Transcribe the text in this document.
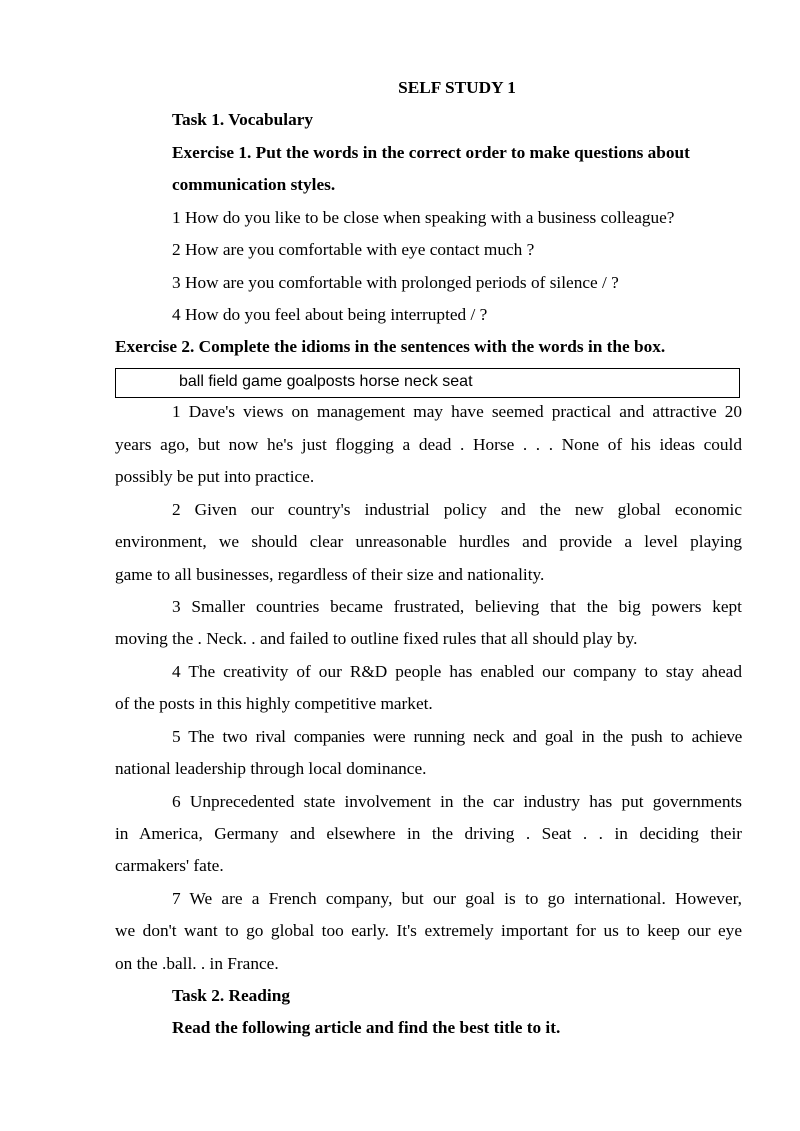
SELF STUDY 1
Task 1. Vocabulary
Exercise 1. Put the words in the correct order to make questions about
communication styles.
1 How do you like to be close when speaking with a business colleague?
2 How are you comfortable with eye contact much ?
3 How are you comfortable with prolonged periods of silence / ?
4 How do you feel about being interrupted / ?
Exercise 2. Complete the idioms in the sentences with the words in the box.
ball field game goalposts horse neck seat
1 Dave's views on management may have seemed practical and attractive 20
years ago, but now he's just flogging a dead . Horse . . . None of his ideas could
possibly be put into practice.
2 Given our country's industrial policy and the new global economic
environment, we should clear unreasonable hurdles and provide a level playing
game to all businesses, regardless of their size and nationality.
3 Smaller countries became frustrated, believing that the big powers kept
moving the . Neck. . and failed to outline fixed rules that all should play by.
4 The creativity of our R&D people has enabled our company to stay ahead
of the posts in this highly competitive market.
5 The two rival companies were running neck and goal in the push to achieve
national leadership through local dominance.
6 Unprecedented state involvement in the car industry has put governments
in America, Germany and elsewhere in the driving . Seat . . in deciding their
carmakers' fate.
7 We are a French company, but our goal is to go international. However,
we don't want to go global too early. It's extremely important for us to keep our eye
on the .ball. . in France.
Task 2. Reading
Read the following article and find the best title to it.
